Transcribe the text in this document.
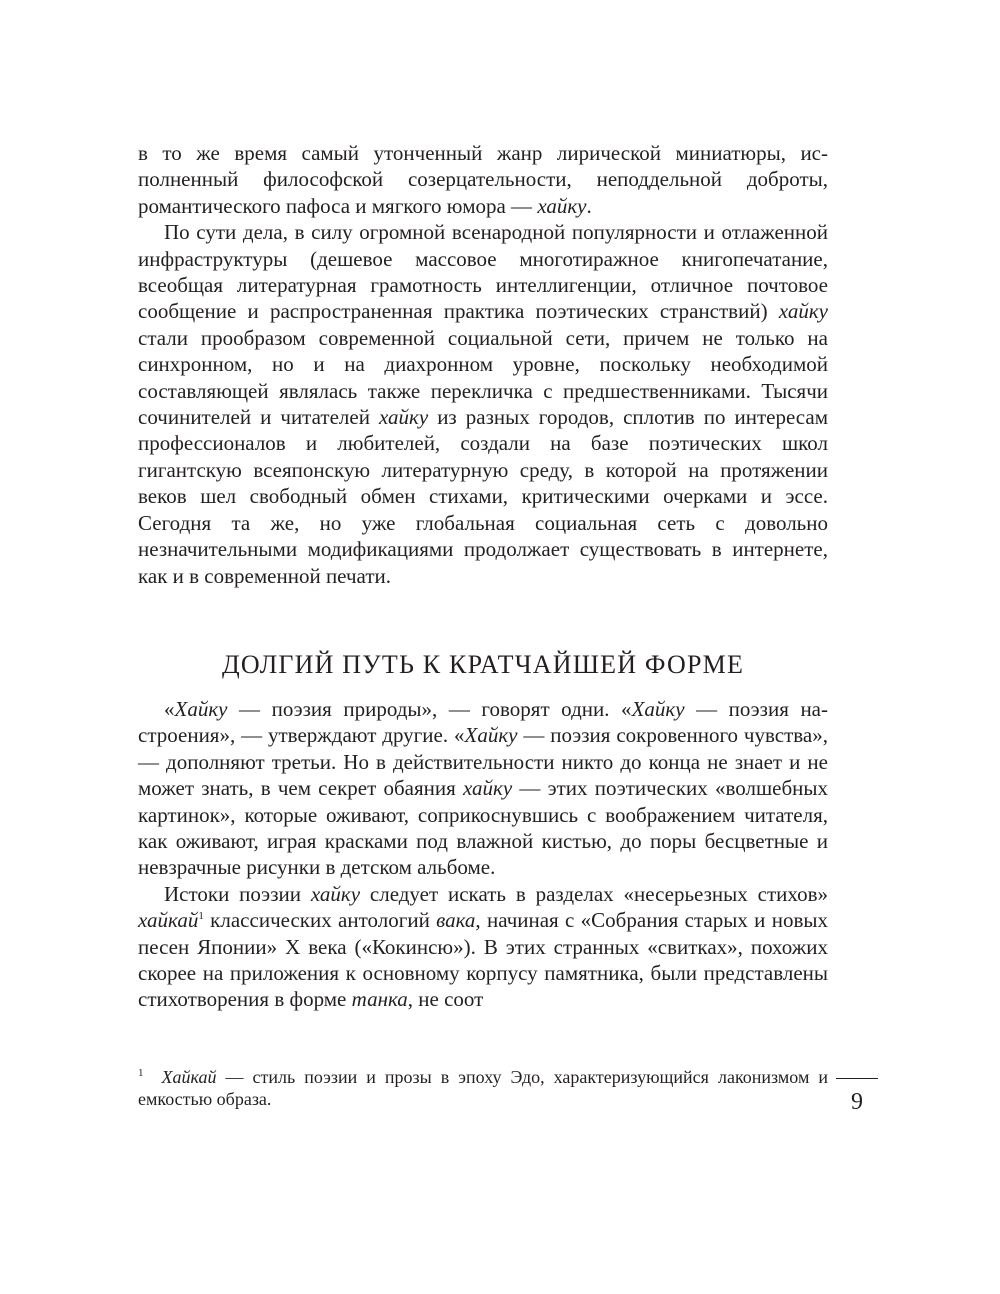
в то же время самый утонченный жанр лирической миниатюры, исполненный философской созерцательности, неподдельной доброты, романтического пафоса и мягкого юмора — хайку.

По сути дела, в силу огромной всенародной популярности и отлаженной инфраструктуры (дешевое массовое многотиражное книгопечатание, всеобщая литературная грамотность интеллигенции, отличное почтовое сообщение и распространенная практика поэтических странствий) хайку стали прообразом современной социальной сети, причем не только на синхронном, но и на диахронном уровне, поскольку необходимой составляющей являлась также перекличка с предшественниками. Тысячи сочинителей и читателей хайку из разных городов, сплотив по интересам профессионалов и любителей, создали на базе поэтических школ гигантскую всеяпонскую литературную среду, в которой на протяжении веков шел свободный обмен стихами, критическими очерками и эссе. Сегодня та же, но уже глобальная социальная сеть с довольно незначительными модификациями продолжает существовать в интернете, как и в современной печати.

ДОЛГИЙ ПУТЬ К КРАТЧАЙШЕЙ ФОРМЕ

«Хайку — поэзия природы», — говорят одни. «Хайку — поэзия настроения», — утверждают другие. «Хайку — поэзия сокровенного чувства», — дополняют третьи. Но в действительности никто до конца не знает и не может знать, в чем секрет обаяния хайку — этих поэтических «волшебных картинок», которые оживают, соприкоснувшись с воображением читателя, как оживают, играя красками под влажной кистью, до поры бесцветные и невзрачные рисунки в детском альбоме.

Истоки поэзии хайку следует искать в разделах «несерьезных стихов» хайкай$^1$ классических антологий вака, начиная с «Собрания старых и новых песен Японии» X века («Кокинсю»). В этих странных «свитках», похожих скорее на приложения к основному корпусу памятника, были представлены стихотворения в форме танка, не соот

$^1$ Хайкай — стиль поэзии и прозы в эпоху Эдо, характеризующийся лаконизмом и емкостью образа.	9
